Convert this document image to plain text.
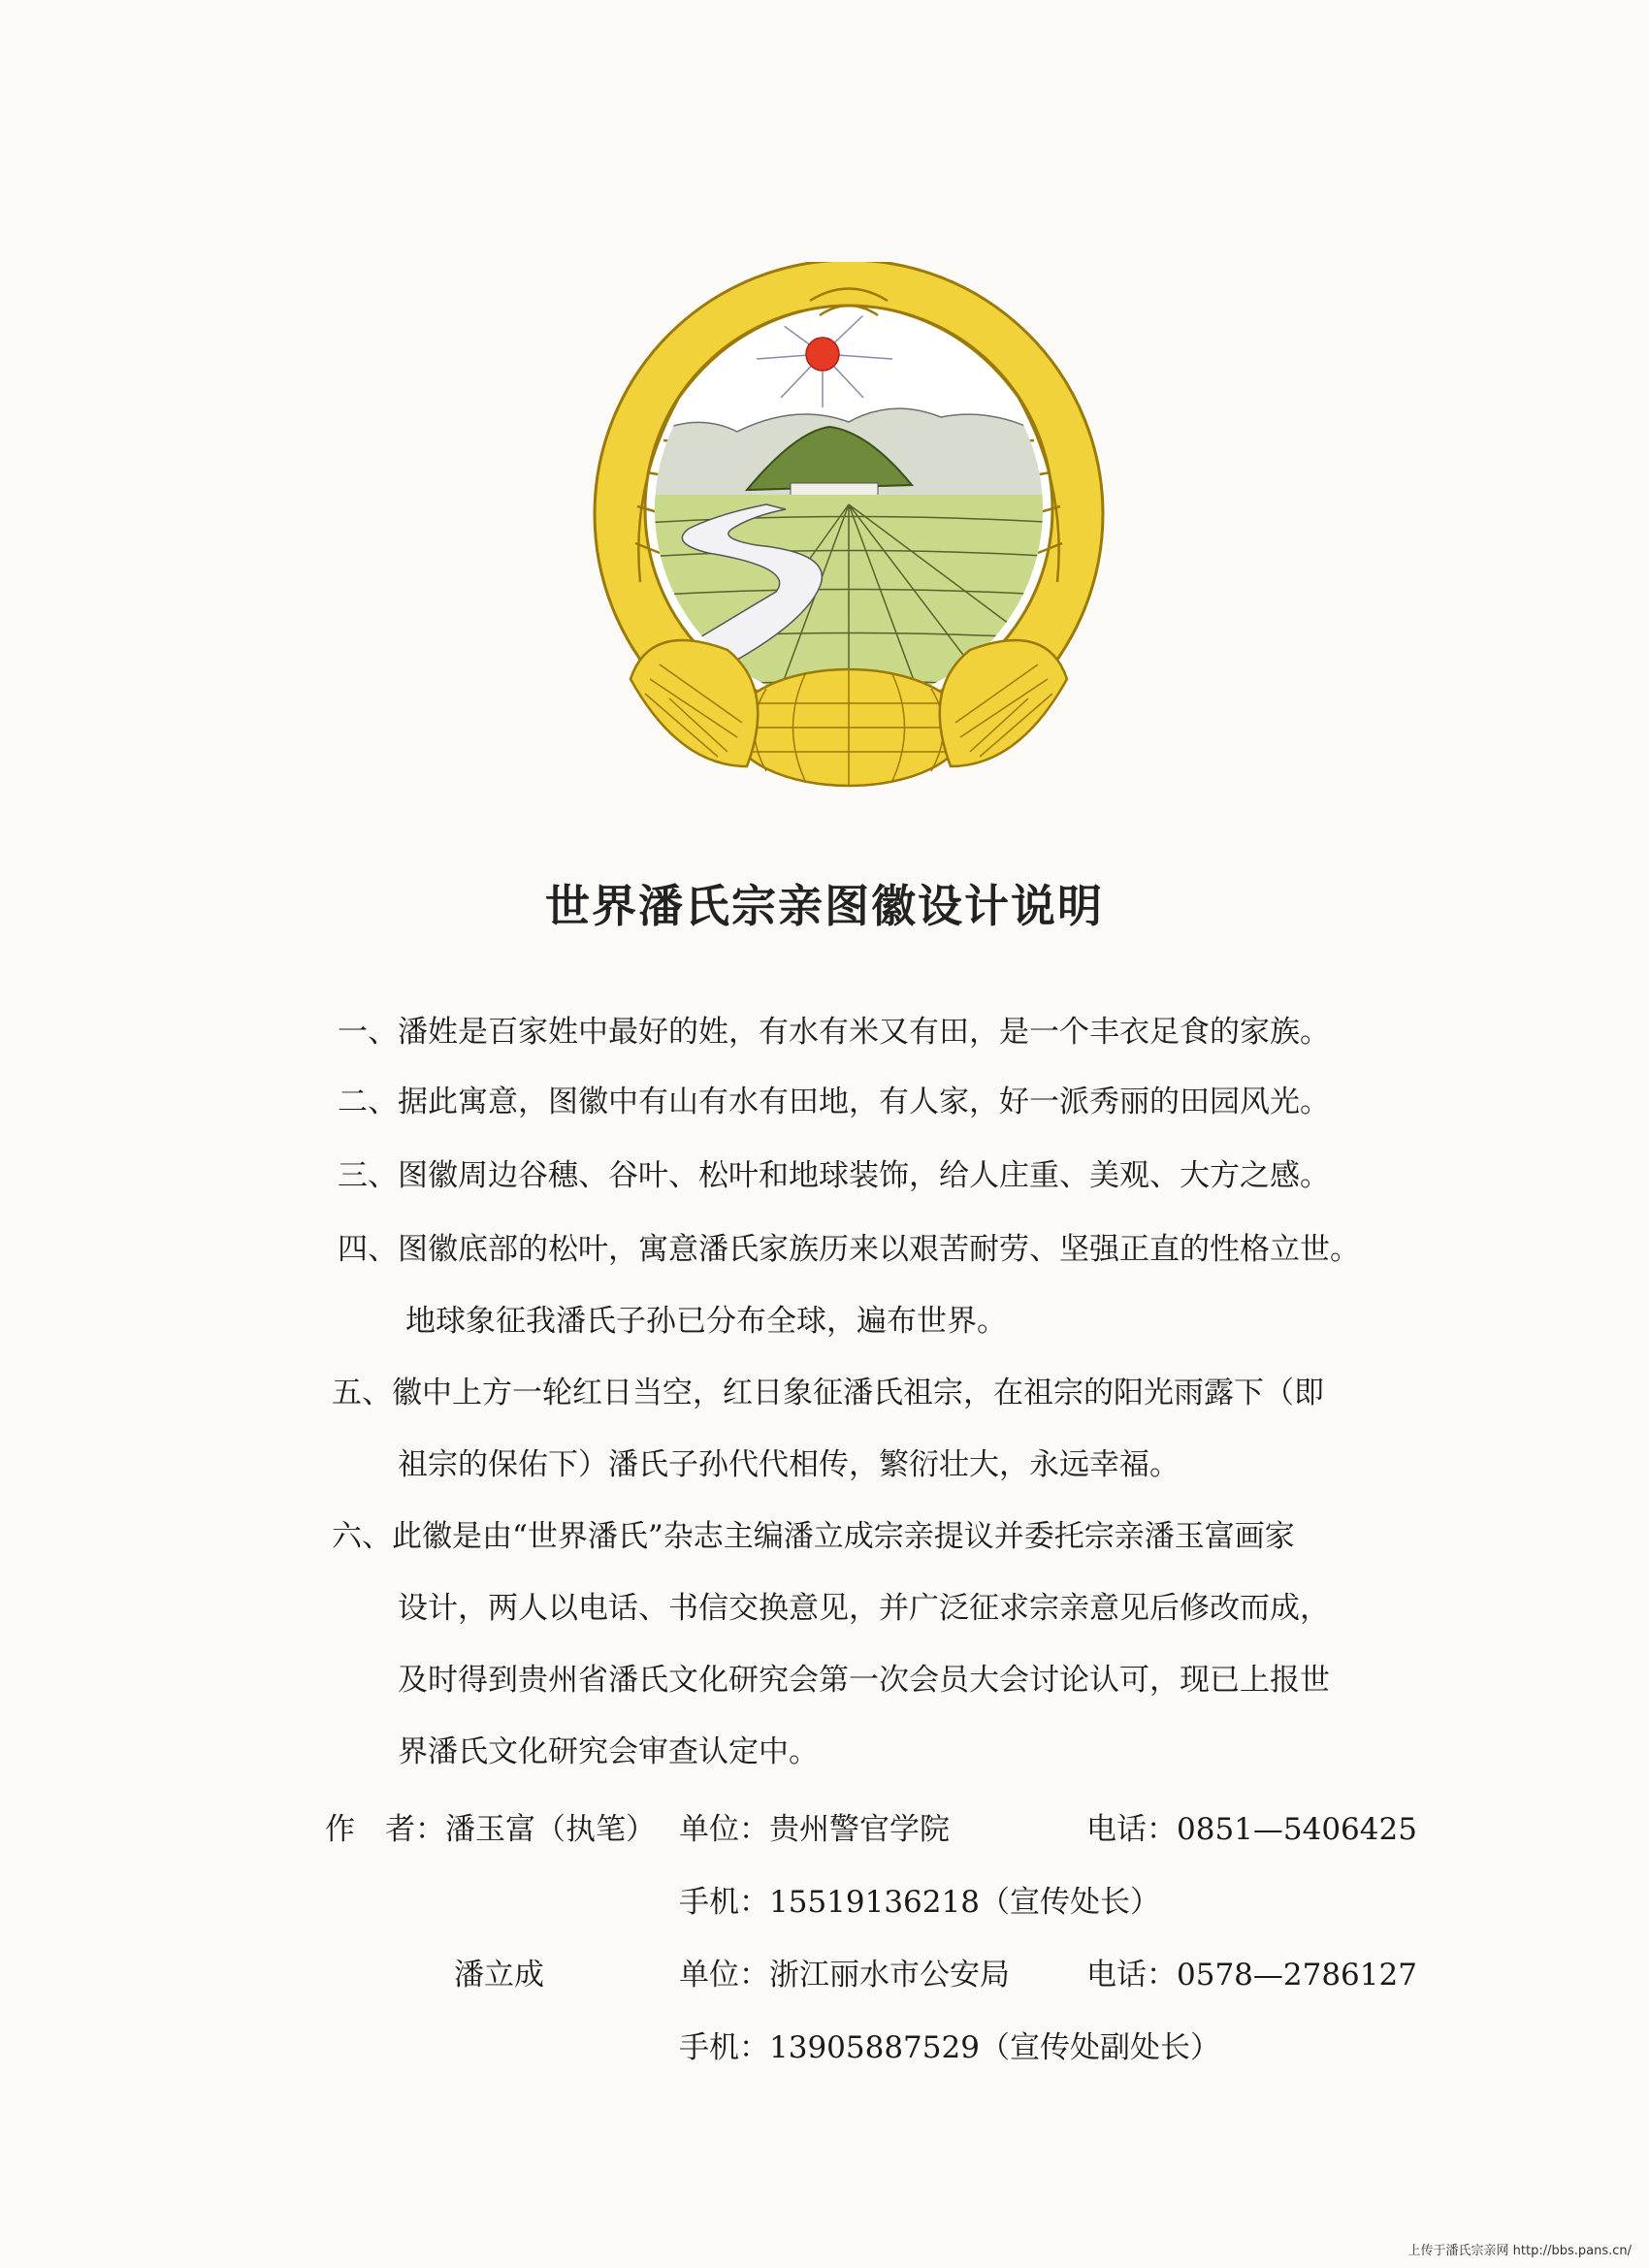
世界潘氏宗亲图徽设计说明
一、潘姓是百家姓中最好的姓，有水有米又有田，是一个丰衣足食的家族。
二、据此寓意，图徽中有山有水有田地，有人家，好一派秀丽的田园风光。
三、图徽周边谷穗、谷叶、松叶和地球装饰，给人庄重、美观、大方之感。
四、图徽底部的松叶，寓意潘氏家族历来以艰苦耐劳、坚强正直的性格立世。
地球象征我潘氏子孙已分布全球，遍布世界。
五、徽中上方一轮红日当空，红日象征潘氏祖宗，在祖宗的阳光雨露下（即
祖宗的保佑下）潘氏子孙代代相传，繁衍壮大，永远幸福。
六、此徽是由“世界潘氏”杂志主编潘立成宗亲提议并委托宗亲潘玉富画家
设计，两人以电话、书信交换意见，并广泛征求宗亲意见后修改而成，
及时得到贵州省潘氏文化研究会第一次会员大会讨论认可，现已上报世
界潘氏文化研究会审查认定中。
作　者：潘玉富（执笔） 单位：贵州警官学院	电话：0851—5406425
手机：15519136218（宣传处长）
潘立成	单位：浙江丽水市公安局	电话：0578—2786127
手机：13905887529（宣传处副处长）
上传于潘氏宗亲网 http://bbs.pans.cn/
